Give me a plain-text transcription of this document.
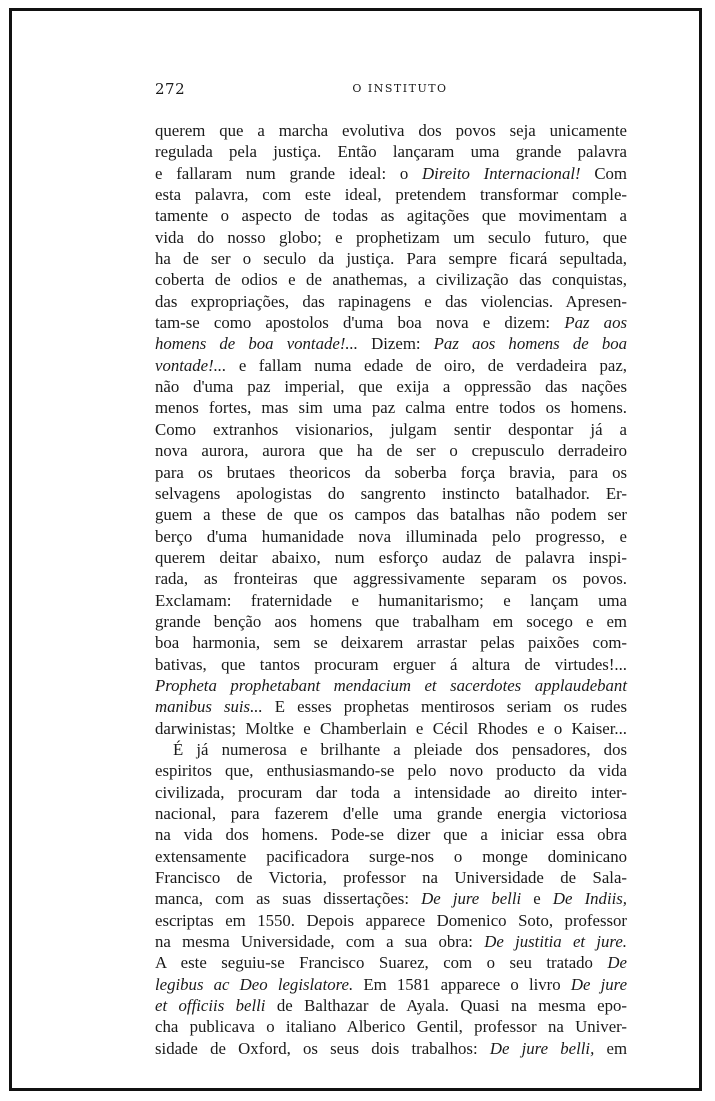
272	O INSTITUTO
querem que a marcha evolutiva dos povos seja unicamente
regulada pela justiça. Então lançaram uma grande palavra
e fallaram num grande ideal: o Direito Internacional! Com
esta palavra, com este ideal, pretendem transformar comple-
tamente o aspecto de todas as agitações que movimentam a
vida do nosso globo; e prophetizam um seculo futuro, que
ha de ser o seculo da justiça. Para sempre ficará sepultada,
coberta de odios e de anathemas, a civilização das conquistas,
das expropriações, das rapinagens e das violencias. Apresen-
tam-se como apostolos d'uma boa nova e dizem: Paz aos
homens de boa vontade!... Dizem: Paz aos homens de boa
vontade!... e fallam numa edade de oiro, de verdadeira paz,
não d'uma paz imperial, que exija a oppressão das nações
menos fortes, mas sim uma paz calma entre todos os homens.
Como extranhos visionarios, julgam sentir despontar já a
nova aurora, aurora que ha de ser o crepusculo derradeiro
para os brutaes theoricos da soberba força bravia, para os
selvagens apologistas do sangrento instincto batalhador. Er-
guem a these de que os campos das batalhas não podem ser
berço d'uma humanidade nova illuminada pelo progresso, e
querem deitar abaixo, num esforço audaz de palavra inspi-
rada, as fronteiras que aggressivamente separam os povos.
Exclamam: fraternidade e humanitarismo; e lançam uma
grande benção aos homens que trabalham em socego e em
boa harmonia, sem se deixarem arrastar pelas paixões com-
bativas, que tantos procuram erguer á altura de virtudes!...
Propheta prophetabant mendacium et sacerdotes applaudebant
manibus suis... E esses prophetas mentirosos seriam os rudes
darwinistas; Moltke e Chamberlain e Cécil Rhodes e o Kaiser...
É já numerosa e brilhante a pleiade dos pensadores, dos
espiritos que, enthusiasmando-se pelo novo producto da vida
civilizada, procuram dar toda a intensidade ao direito inter-
nacional, para fazerem d'elle uma grande energia victoriosa
na vida dos homens. Pode-se dizer que a iniciar essa obra
extensamente pacificadora surge-nos o monge dominicano
Francisco de Victoria, professor na Universidade de Sala-
manca, com as suas dissertações: De jure belli e De Indiis,
escriptas em 1550. Depois apparece Domenico Soto, professor
na mesma Universidade, com a sua obra: De justitia et jure.
A este seguiu-se Francisco Suarez, com o seu tratado De
legibus ac Deo legislatore. Em 1581 apparece o livro De jure
et officiis belli de Balthazar de Ayala. Quasi na mesma epo-
cha publicava o italiano Alberico Gentil, professor na Univer-
sidade de Oxford, os seus dois trabalhos: De jure belli, em
